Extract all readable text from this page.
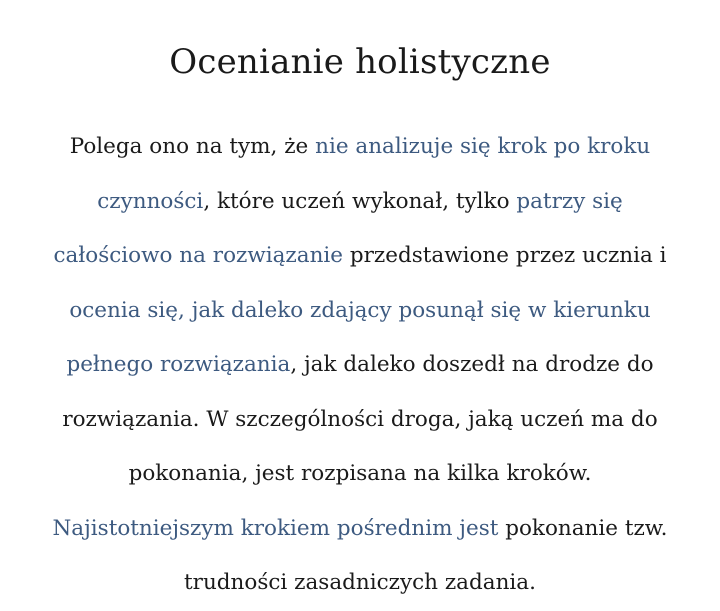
Ocenianie holistyczne

Polega ono na tym, że nie analizuje się krok po kroku czynności, które uczeń wykonał, tylko patrzy się całościowo na rozwiązanie przedstawione przez ucznia i ocenia się, jak daleko zdający posunął się w kierunku pełnego rozwiązania, jak daleko doszedł na drodze do rozwiązania. W szczególności droga, jaką uczeń ma do pokonania, jest rozpisana na kilka kroków. Najistotniejszym krokiem pośrednim jest pokonanie tzw. trudności zasadniczych zadania.
